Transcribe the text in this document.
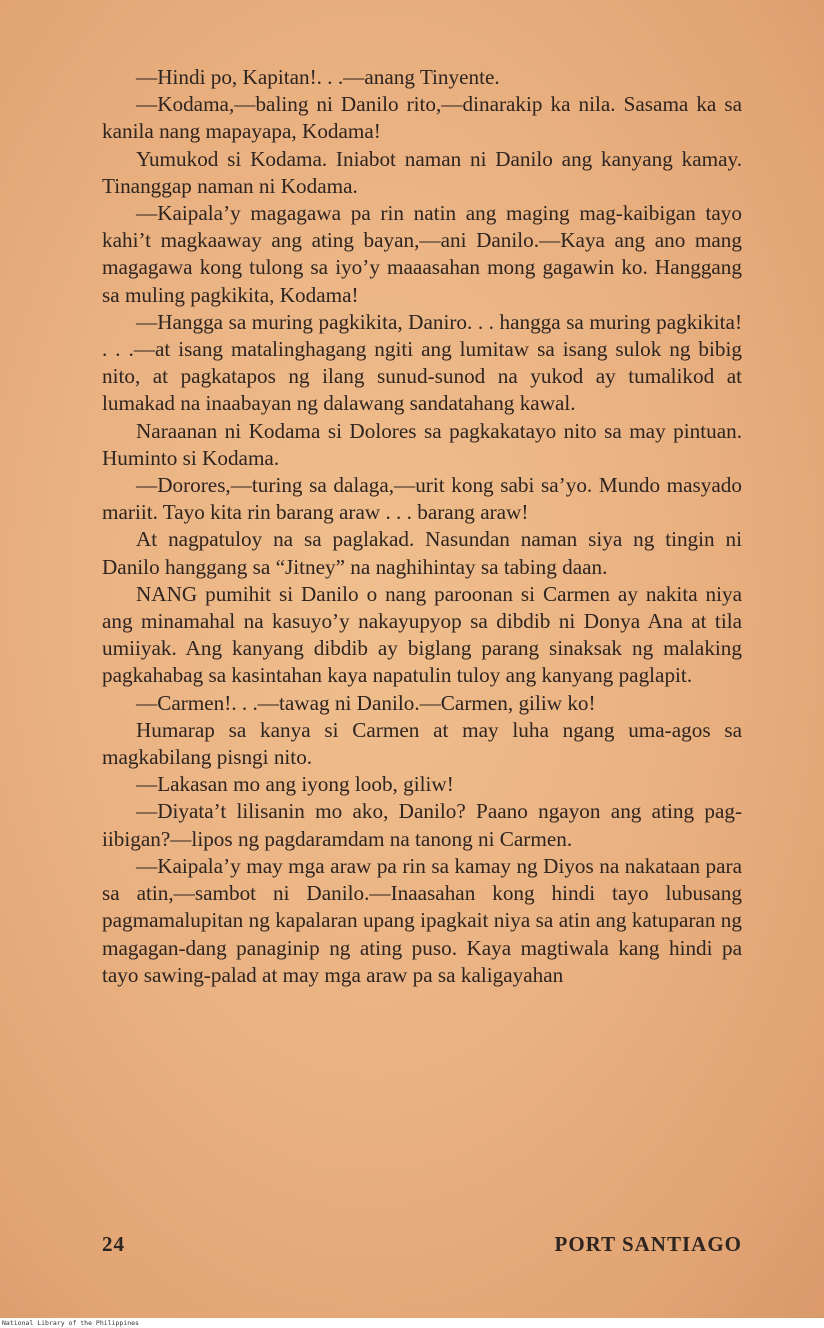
—Hindi po, Kapitan!. . .—anang Tinyente.

—Kodama,—baling ni Danilo rito,—dinarakip ka nila. Sasama ka sa kanila nang mapayapa, Kodama!

Yumukod si Kodama. Iniabot naman ni Danilo ang kanyang kamay. Tinanggap naman ni Kodama.

—Kaipala’y magagawa pa rin natin ang maging mag-kaibigan tayo kahi’t magkaaway ang ating bayan,—ani Danilo.—Kaya ang ano mang magagawa kong tulong sa iyo’y maaasahan mong gagawin ko. Hanggang sa muling pagkikita, Kodama!

—Hangga sa muring pagkikita, Daniro. . . hangga sa muring pagkikita! . . .—at isang matalinghagang ngiti ang lumitaw sa isang sulok ng bibig nito, at pagkatapos ng ilang sunud-sunod na yukod ay tumalikod at lumakad na inaabayan ng dalawang sandatahang kawal.

Naraanan ni Kodama si Dolores sa pagkakatayo nito sa may pintuan. Huminto si Kodama.

—Dorores,—turing sa dalaga,—urit kong sabi sa’yo. Mundo masyado mariit. Tayo kita rin barang araw . . . barang araw!

At nagpatuloy na sa paglakad. Nasundan naman siya ng tingin ni Danilo hanggang sa “Jitney” na naghihintay sa tabing daan.

NANG pumihit si Danilo o nang paroonan si Carmen ay nakita niya ang minamahal na kasuyo’y nakayupyop sa dibdib ni Donya Ana at tila umiiyak. Ang kanyang dibdib ay biglang parang sinaksak ng malaking pagkahabag sa kasintahan kaya napatulin tuloy ang kanyang paglapit.

—Carmen!. . .—tawag ni Danilo.—Carmen, giliw ko!

Humarap sa kanya si Carmen at may luha ngang uma-agos sa magkabilang pisngi nito.

—Lakasan mo ang iyong loob, giliw!

—Diyata’t lilisanin mo ako, Danilo? Paano ngayon ang ating pag-iibigan?—lipos ng pagdaramdam na tanong ni Carmen.

—Kaipala’y may mga araw pa rin sa kamay ng Diyos na nakataan para sa atin,—sambot ni Danilo.—Inaasahan kong hindi tayo lubusang pagmamalupitan ng kapalaran upang ipagkait niya sa atin ang katuparan ng magagan-dang panaginip ng ating puso. Kaya magtiwala kang hindi pa tayo sawing-palad at may mga araw pa sa kaligayahan

24	PORT SANTIAGO
National Library of the Philippines
